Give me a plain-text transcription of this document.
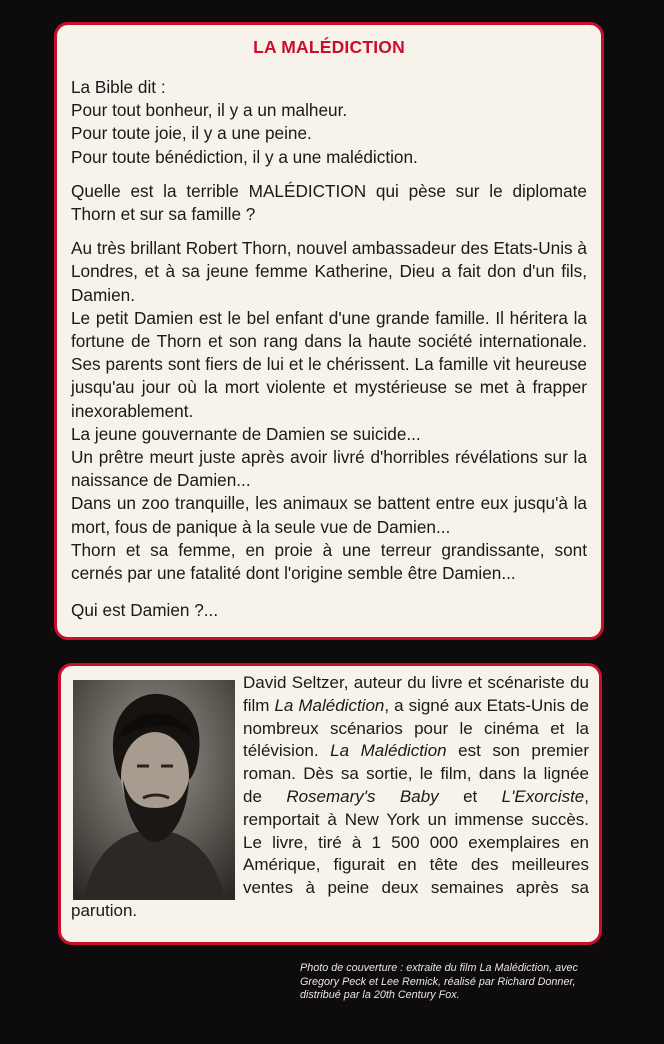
LA MALÉDICTION

La Bible dit :

Pour tout bonheur, il y a un malheur.

Pour toute joie, il y a une peine.

Pour toute bénédiction, il y a une malédiction.

Quelle est la terrible MALÉDICTION qui pèse sur le diplomate Thorn et sur sa famille ?

Au très brillant Robert Thorn, nouvel ambassadeur des Etats-Unis à Londres, et à sa jeune femme Katherine, Dieu a fait don d'un fils, Damien.

Le petit Damien est le bel enfant d'une grande famille. Il héritera la fortune de Thorn et son rang dans la haute société internationale. Ses parents sont fiers de lui et le chérissent. La famille vit heureuse jusqu'au jour où la mort violente et mystérieuse se met à frapper inexorablement.

La jeune gouvernante de Damien se suicide...

Un prêtre meurt juste après avoir livré d'horribles révélations sur la naissance de Damien...

Dans un zoo tranquille, les animaux se battent entre eux jusqu'à la mort, fous de panique à la seule vue de Damien...

Thorn et sa femme, en proie à une terreur grandissante, sont cernés par une fatalité dont l'origine semble être Damien...

Qui est Damien ?...

David Seltzer, auteur du livre et scénariste du film La Malédiction, a signé aux Etats-Unis de nombreux scénarios pour le cinéma et la télévision. La Malédiction est son premier roman. Dès sa sortie, le film, dans la lignée de Rosemary's Baby et L'Exorciste, remportait à New York un immense succès. Le livre, tiré à 1 500 000 exemplaires en Amérique, figurait en tête des meilleures ventes à peine deux semaines après sa parution.

Photo de couverture : extraite du film La Malédiction, avec Gregory Peck et Lee Remick, réalisé par Richard Donner, distribué par la 20th Century Fox.
